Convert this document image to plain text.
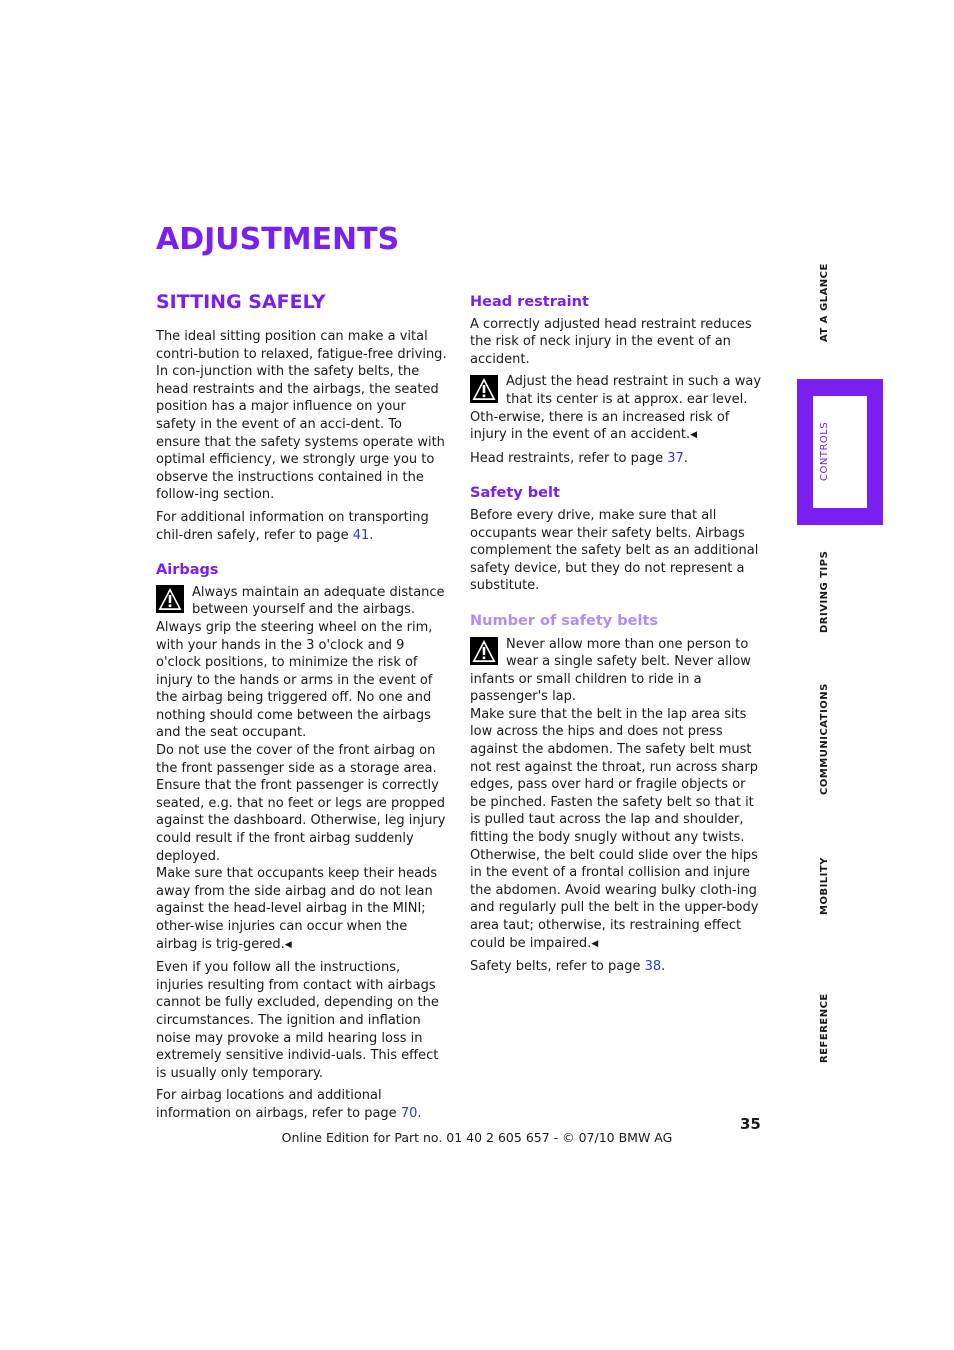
ADJUSTMENTS
SITTING SAFELY

The ideal sitting position can make a vital contri-bution to relaxed, fatigue-free driving. In con-junction with the safety belts, the head restraints and the airbags, the seated position has a major influence on your safety in the event of an acci-dent. To ensure that the safety systems operate with optimal efficiency, we strongly urge you to observe the instructions contained in the follow-ing section.

For additional information on transporting chil-dren safely, refer to page 41.

Airbags

Always maintain an adequate distance between yourself and the airbags. Always grip the steering wheel on the rim, with your hands in the 3 o'clock and 9 o'clock positions, to minimize the risk of injury to the hands or arms in the event of the airbag being triggered off. No one and nothing should come between the airbags and the seat occupant.

Do not use the cover of the front airbag on the front passenger side as a storage area. Ensure that the front passenger is correctly seated, e.g. that no feet or legs are propped against the dashboard. Otherwise, leg injury could result if the front airbag suddenly deployed.

Make sure that occupants keep their heads away from the side airbag and do not lean against the head-level airbag in the MINI; other-wise injuries can occur when the airbag is trig-gered.◀

Even if you follow all the instructions, injuries resulting from contact with airbags cannot be fully excluded, depending on the circumstances. The ignition and inflation noise may provoke a mild hearing loss in extremely sensitive individ-uals. This effect is usually only temporary.

For airbag locations and additional information on airbags, refer to page 70.

Head restraint

A correctly adjusted head restraint reduces the risk of neck injury in the event of an accident.

Adjust the head restraint in such a way that its center is at approx. ear level. Oth-erwise, there is an increased risk of injury in the event of an accident.◀

Head restraints, refer to page 37.

Safety belt

Before every drive, make sure that all occupants wear their safety belts. Airbags complement the safety belt as an additional safety device, but they do not represent a substitute.

Number of safety belts

Never allow more than one person to wear a single safety belt. Never allow infants or small children to ride in a passenger's lap.

Make sure that the belt in the lap area sits low across the hips and does not press against the abdomen. The safety belt must not rest against the throat, run across sharp edges, pass over hard or fragile objects or be pinched. Fasten the safety belt so that it is pulled taut across the lap and shoulder, fitting the body snugly without any twists. Otherwise, the belt could slide over the hips in the event of a frontal collision and injure the abdomen. Avoid wearing bulky cloth-ing and regularly pull the belt in the upper-body area taut; otherwise, its restraining effect could be impaired.◀

Safety belts, refer to page 38.

AT A GLANCE
CONTROLS
DRIVING TIPS
COMMUNICATIONS
MOBILITY
REFERENCE
35
Online Edition for Part no. 01 40 2 605 657 - © 07/10 BMW AG
